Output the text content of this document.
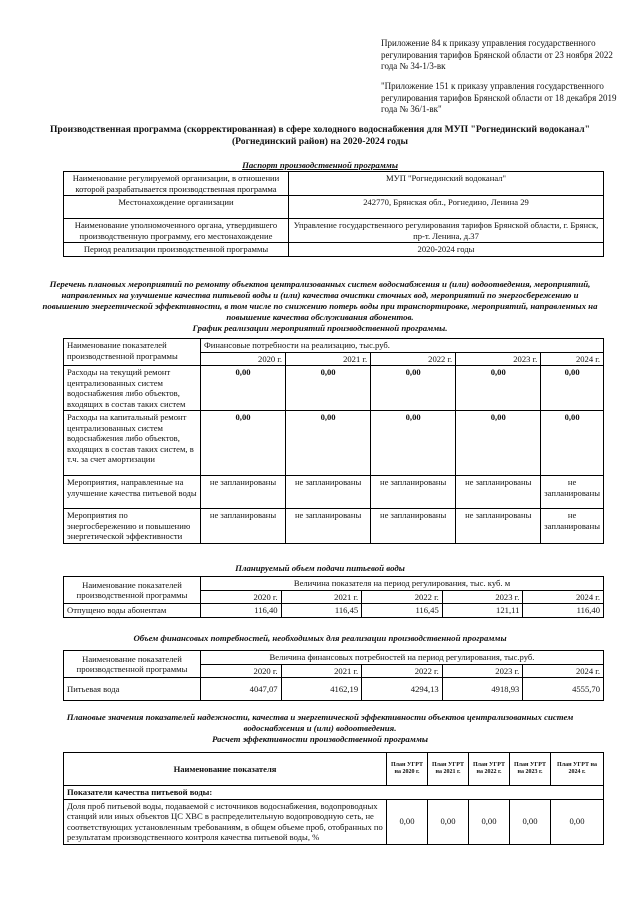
Приложение 84 к приказу управления государственного регулирования тарифов Брянской области от 23 ноября 2022 года № 34-1/3-вк
"Приложение 151 к приказу управления государственного регулирования тарифов Брянской области от 18 декабря 2019 года № 36/1-вк"
Производственная программа (скорректированная) в сфере холодного водоснабжения для МУП "Рогнединский водоканал" (Рогнединский район) на 2020-2024 годы
Паспорт производственной программы
Наименование регулируемой организации, в отношении которой разрабатывается производственная программа	МУП "Рогнединский водоканал"
Местонахождение организации	242770, Брянская обл., Рогнедино, Ленина 29
Наименование уполномоченного органа, утвердившего производственную программу, его местонахождение	Управление государственного регулирования тарифов Брянской области, г. Брянск, пр-т. Ленина, д.37
Период реализации производственной программы	2020-2024 годы
Перечень плановых мероприятий по ремонту объектов централизованных систем водоснабжения и (или) водоотведения, мероприятий, направленных на улучшение качества питьевой воды и (или) качества очистки сточных вод, мероприятий по энергосбережению и повышению энергетической эффективности, в том числе по снижению потерь воды при транспортировке, мероприятий, направленных на повышение качества обслуживания абонентов.
График реализации мероприятий производственной программы.
Наименование показателей производственной программы	Финансовые потребности на реализацию, тыс.руб.				
	2020 г.	2021 г.	2022 г.	2023 г.	2024 г.
Расходы на текущий ремонт централизованных систем водоснабжения либо объектов, входящих в состав таких систем	0,00	0,00	0,00	0,00	0,00
Расходы на капитальный ремонт централизованных систем водоснабжения либо объектов, входящих в состав таких систем, в т.ч. за счет амортизации	0,00	0,00	0,00	0,00	0,00
Мероприятия, направленные на улучшение качества питьевой воды	не запланированы	не запланированы	не запланированы	не запланированы	не запланированы
Мероприятия по энергосбережению и повышению энергетической эффективности	не запланированы	не запланированы	не запланированы	не запланированы	не запланированы
Планируемый объем подачи питьевой воды
Наименование показателей производственной программы	Величина показателя на период регулирования, тыс. куб. м				
	2020 г.	2021 г.	2022 г.	2023 г.	2024 г.
Отпущено воды абонентам	116,40	116,45	116,45	121,11	116,40
Объем финансовых потребностей, необходимых для реализации производственной программы
Наименование показателей производственной программы	Величина финансовых потребностей на период регулирования, тыс.руб.				
	2020 г.	2021 г.	2022 г.	2023 г.	2024 г.
Питьевая вода	4047,07	4162,19	4294,13	4918,93	4555,70
Плановые значения показателей надежности, качества и энергетической эффективности объектов централизованных систем водоснабжения и (или) водоотведения.
Расчет эффективности производственной программы
Наименование показателя	План УГРТ на 2020 г.	План УГРТ на 2021 г.	План УГРТ на 2022 г.	План УГРТ на 2023 г.	План УГРТ на 2024 г.
Показатели качества питьевой воды:					
Доля проб питьевой воды, подаваемой с источников водоснабжения, водопроводных станций или иных объектов ЦС ХВС в распределительную водопроводную сеть, не соответствующих установленным требованиям, в общем объеме проб, отобранных по результатам производственного контроля качества питьевой воды, %	0,00	0,00	0,00	0,00	0,00
